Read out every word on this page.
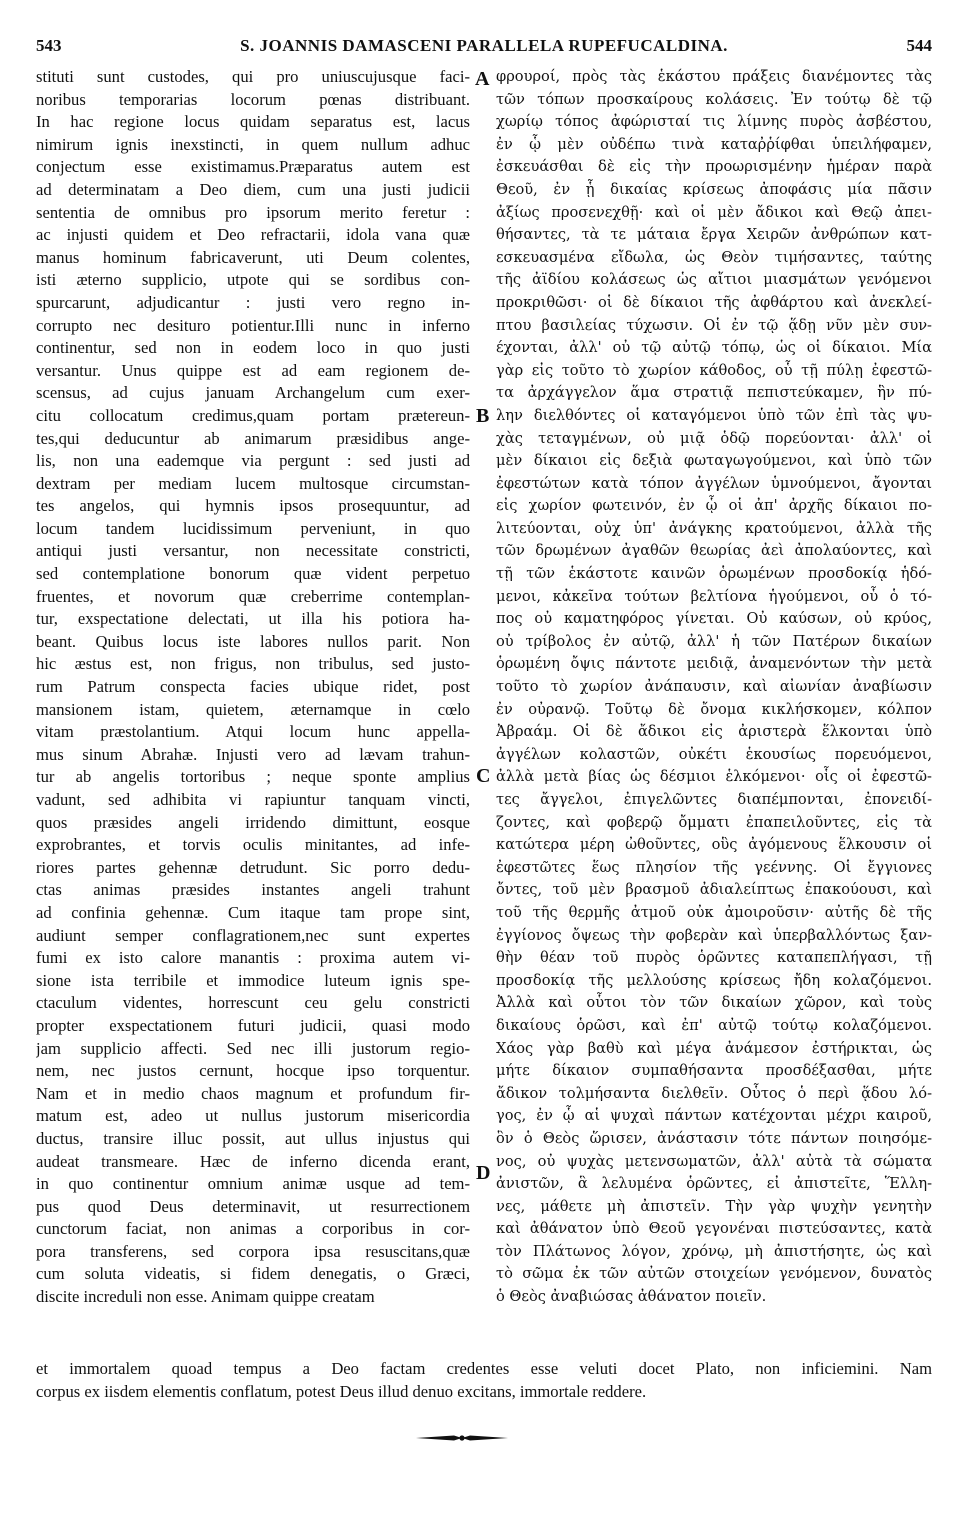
543	S. JOANNIS DAMASCENI PARALLELA RUPEFUCALDINA.	544
stituti sunt custodes, qui pro uniuscujusque faci-
noribus temporarias locorum pœnas distribuant.
In hac regione locus quidam separatus est, lacus
nimirum ignis inexstincti, in quem nullum adhuc
conjectum esse existimamus.Præparatus autem est
ad determinatam a Deo diem, cum una justi judicii
sententia de omnibus pro ipsorum merito feretur :
ac injusti quidem et Deo refractarii, idola vana quæ
manus hominum fabricaverunt, uti Deum colentes,
isti æterno supplicio, utpote qui se sordibus con-
spurcarunt, adjudicantur : justi vero regno in-
corrupto nec desituro potientur.Illi nunc in inferno
continentur, sed non in eodem loco in quo justi
versantur. Unus quippe est ad eam regionem de-
scensus, ad cujus januam Archangelum cum exer-
citu collocatum credimus,quam portam prætereun-
tes,qui deducuntur ab animarum præsidibus ange-
lis, non una eademque via pergunt : sed justi ad
dextram per mediam lucem multosque circumstan-
tes angelos, qui hymnis ipsos prosequuntur, ad
locum tandem lucidissimum perveniunt, in quo
antiqui justi versantur, non necessitate constricti,
sed contemplatione bonorum quæ vident perpetuo
fruentes, et novorum quæ creberrime contemplan-
tur, exspectatione delectati, ut illa his potiora ha-
beant. Quibus locus iste labores nullos parit. Non
hic æstus est, non frigus, non tribulus, sed justo-
rum Patrum conspecta facies ubique ridet, post
mansionem istam, quietem, æternamque in cœlo
vitam præstolantium. Atqui locum hunc appella-
mus sinum Abrahæ. Injusti vero ad lævam trahun-
tur ab angelis tortoribus ; neque sponte amplius
vadunt, sed adhibita vi rapiuntur tanquam vincti,
quos præsides angeli irridendo dimittunt, eosque
exprobrantes, et torvis oculis minitantes, ad infe-
riores partes gehennæ detrudunt. Sic porro dedu-
ctas animas præsides instantes angeli trahunt
ad confinia gehennæ. Cum itaque tam prope sint,
audiunt semper conflagrationem,nec sunt expertes
fumi ex isto calore manantis : proxima autem vi-
sione ista terribile et immodice luteum ignis spe-
ctaculum videntes, horrescunt ceu gelu constricti
propter exspectationem futuri judicii, quasi modo
jam supplicio affecti. Sed nec illi justorum regio-
nem, nec justos cernunt, hocque ipso torquentur.
Nam et in medio chaos magnum et profundum fir-
matum est, adeo ut nullus justorum misericordia
ductus, transire illuc possit, aut ullus injustus qui
audeat transmeare. Hæc de inferno dicenda erant,
in quo continentur omnium animæ usque ad tem-
pus quod Deus determinavit, ut resurrectionem
cunctorum faciat, non animas a corporibus in cor-
pora transferens, sed corpora ipsa resuscitans,quæ
cum soluta videatis, si fidem denegatis, o Græci,
discite increduli non esse. Animam quippe creatam
φρουροί, πρὸς τὰς ἑκάστου πράξεις διανέμοντες τὰς
τῶν τόπων προσκαίρους κολάσεις. Ἐν τούτῳ δὲ τῷ
χωρίῳ τόπος ἀφώρισταί τις λίμνης πυρὸς ἀσβέστου,
ἐν ᾧ μὲν οὐδέπω τινὰ καταῤῥίφθαι ὑπειλήφαμεν,
ἐσκευάσθαι δὲ εἰς τὴν προωρισμένην ἡμέραν παρὰ
Θεοῦ, ἐν ᾗ δικαίας κρίσεως ἀποφάσις μία πᾶσιν
ἀξίως προσενεχθῇ· καὶ οἱ μὲν ἄδικοι καὶ Θεῷ ἀπει-
θήσαντες, τὰ τε μάταια ἔργα Χειρῶν ἀνθρώπων κατ-
εσκευασμένα εἴδωλα, ὡς Θεὸν τιμήσαντες, ταύτης
τῆς ἀϊδίου κολάσεως ὡς αἴτιοι μιασμάτων γενόμενοι
προκριθῶσι· οἱ δὲ δίκαιοι τῆς ἀφθάρτου καὶ ἀνεκλεί-
πτου βασιλείας τύχωσιν. Οἱ ἐν τῷ ᾅδῃ νῦν μὲν συν-
έχονται, ἀλλ' οὐ τῷ αὐτῷ τόπῳ, ὡς οἱ δίκαιοι. Μία
γὰρ εἰς τοῦτο τὸ χωρίον κάθοδος, οὗ τῇ πύλῃ ἐφεστῶ-
τα ἀρχάγγελον ἅμα στρατιᾷ πεπιστεύκαμεν, ἣν πύ-
λην διελθόντες οἱ καταγόμενοι ὑπὸ τῶν ἐπὶ τὰς ψυ-
χὰς τεταγμένων, οὐ μιᾷ ὁδῷ πορεύονται· ἀλλ' οἱ
μὲν δίκαιοι εἰς δεξιὰ φωταγωγούμενοι, καὶ ὑπὸ τῶν
ἐφεστώτων κατὰ τόπον ἀγγέλων ὑμνούμενοι, ἄγονται
εἰς χωρίον φωτεινόν, ἐν ᾧ οἱ ἀπ' ἀρχῆς δίκαιοι πο-
λιτεύονται, οὐχ ὑπ' ἀνάγκης κρατούμενοι, ἀλλὰ τῆς
τῶν δρωμένων ἀγαθῶν θεωρίας ἀεὶ ἀπολαύοντες, καὶ
τῇ τῶν ἑκάστοτε καινῶν ὁρωμένων προσδοκίᾳ ἡδό-
μενοι, κἀκεῖνα τούτων βελτίονα ἡγούμενοι, οὗ ὁ τό-
πος οὐ καματηφόρος γίνεται. Οὐ καύσων, οὐ κρύος,
οὐ τρίβολος ἐν αὐτῷ, ἀλλ' ἡ τῶν Πατέρων δικαίων
ὁρωμένη ὄψις πάντοτε μειδιᾷ, ἀναμενόντων τὴν μετὰ
τοῦτο τὸ χωρίον ἀνάπαυσιν, καὶ αἰωνίαν ἀναβίωσιν
ἐν οὐρανῷ. Τοῦτῳ δὲ ὄνομα κικλήσκομεν, κόλπον
Ἀβραάμ. Οἱ δὲ ἄδικοι εἰς ἀριστερὰ ἕλκονται ὑπὸ
ἀγγέλων κολαστῶν, οὐκέτι ἑκουσίως πορευόμενοι,
ἀλλὰ μετὰ βίας ὡς δέσμιοι ἑλκόμενοι· οἷς οἱ ἐφεστῶ-
τες ἄγγελοι, ἐπιγελῶντες διαπέμπονται, ἐπονειδί-
ζοντες, καὶ φοβερῷ ὄμματι ἐπαπειλοῦντες, εἰς τὰ
κατώτερα μέρη ὠθοῦντες, οὓς ἀγόμενους ἕλκουσιν οἱ
ἐφεστῶτες ἕως πλησίον τῆς γεέννης. Οἱ ἔγγιονες
ὄντες, τοῦ μὲν βρασμοῦ ἀδιαλείπτως ἐπακούουσι, καὶ
τοῦ τῆς θερμῆς ἀτμοῦ οὐκ ἀμοιροῦσιν· αὐτῆς δὲ τῆς
ἐγγίονος ὄψεως τὴν φοβερὰν καὶ ὑπερβαλλόντως ξαν-
θὴν θέαν τοῦ πυρὸς ὁρῶντες καταπεπλήγασι, τῇ
προσδοκίᾳ τῆς μελλούσης κρίσεως ἤδη κολαζόμενοι.
Ἀλλὰ καὶ οὗτοι τὸν τῶν δικαίων χῶρον, καὶ τοὺς
δικαίους ὁρῶσι, καὶ ἐπ' αὐτῷ τούτῳ κολαζόμενοι.
Χάος γὰρ βαθὺ καὶ μέγα ἀνάμεσον ἐστήρικται, ὡς
μήτε δίκαιον συμπαθήσαντα προσδέξασθαι, μήτε
ἄδικον τολμήσαντα διελθεῖν. Οὗτος ὁ περὶ ᾅδου λό-
γος, ἐν ᾧ αἱ ψυχαὶ πάντων κατέχονται μέχρι καιροῦ,
ὃν ὁ Θεὸς ὥρισεν, ἀνάστασιν τότε πάντων ποιησόμε-
νος, οὐ ψυχὰς μετενσωματῶν, ἀλλ' αὐτὰ τὰ σώματα
ἀνιστῶν, ἃ λελυμένα ὁρῶντες, εἰ ἀπιστεῖτε, Ἕλλη-
νες, μάθετε μὴ ἀπιστεῖν. Τὴν γὰρ ψυχὴν γενητὴν
καὶ ἀθάνατον ὑπὸ Θεοῦ γεγονέναι πιστεύσαντες, κατὰ
τὸν Πλάτωνος λόγον, χρόνῳ, μὴ ἀπιστήσητε, ὡς καὶ
τὸ σῶμα ἐκ τῶν αὐτῶν στοιχείων γενόμενον, δυνατὸς
ὁ Θεὸς ἀναβιώσας ἀθάνατον ποιεῖν.
A
B
C
D
et immortalem quoad tempus a Deo factam credentes esse veluti docet Plato, non inficiemini. Nam
corpus ex iisdem elementis conflatum, potest Deus illud denuo excitans, immortale reddere.
